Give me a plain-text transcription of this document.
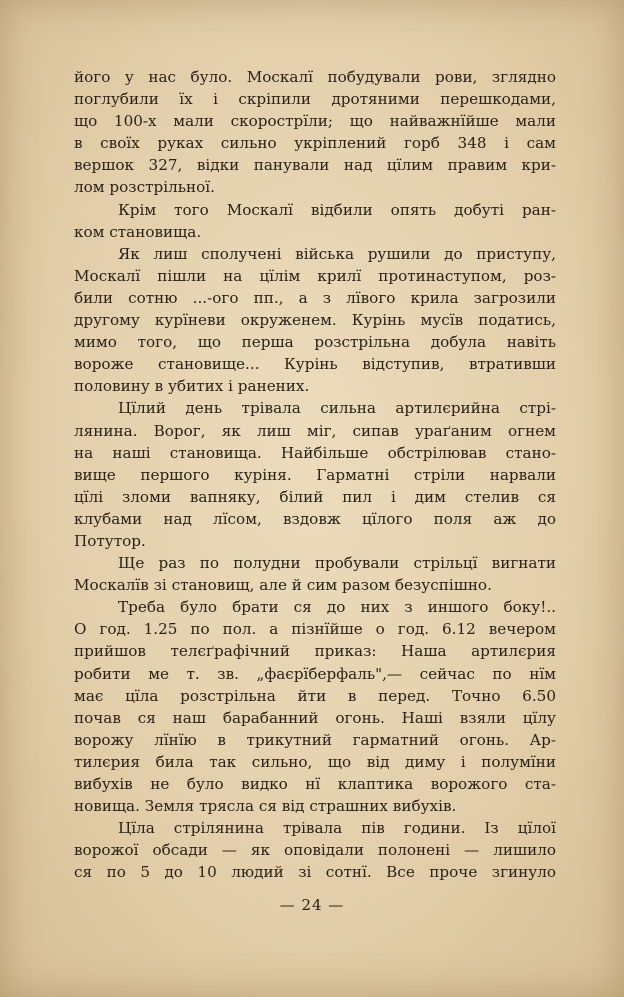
його у нас було. Москалї побудували рови, зглядно
поглубили їх і скріпили дротяними перешкодами,
що 100-х мали скорострїли; що найважнїйше мали
в своїх руках сильно укріплений горб 348 і сам
вершок 327, відки панували над цїлим правим кри-
лом розстрільної.
Крім того Москалї відбили опять добуті ран-
ком становища.
Як лиш сполучені війська рушили до приступу,
Москалї пішли на цїлім крилї протинаступом, роз-
били сотню ...-ого пп., а з лївого крила загрозили
другому курїневи окруженем. Курінь мусїв податись,
мимо того, що перша розстрільна добула навіть
вороже становище... Курінь відступив, втративши
половину в убитих і ранених.
Цїлий день трівала сильна артилєрийна стрі-
лянина. Ворог, як лиш міг, сипав ураґаним огнем
на наші становища. Найбільше обстрілював стано-
вище першого куріня. Гарматні стріли нарвали
цїлі зломи вапняку, білий пил і дим стелив ся
клубами над лїсом, вздовж цїлого поля аж до
Потутор.
Ще раз по полудни пробували стрільцї вигнати
Москалїв зі становищ, але й сим разом безуспішно.
Треба було брати ся до них з иншого боку!..
О год. 1.25 по пол. а пізнїйше о год. 6.12 вечером
прийшов телєґрафічний приказ: Наша артилєрия
робити ме т. зв. „фаєрїберфаль",— сейчас по нїм
має цїла розстрільна йти в перед. Точно 6.50
почав ся наш барабанний огонь. Наші взяли цїлу
ворожу лїнїю в трикутний гарматний огонь. Ар-
тилєрия била так сильно, що від диму і полумїни
вибухів не було видко нї клаптика ворожого ста-
новища. Земля трясла ся від страшних вибухів.
Цїла стрілянина трівала пів години. Із цїлої
ворожої обсади — як оповідали полонені — лишило
ся по 5 до 10 людий зі сотнї. Все проче згинуло
— 24 —
